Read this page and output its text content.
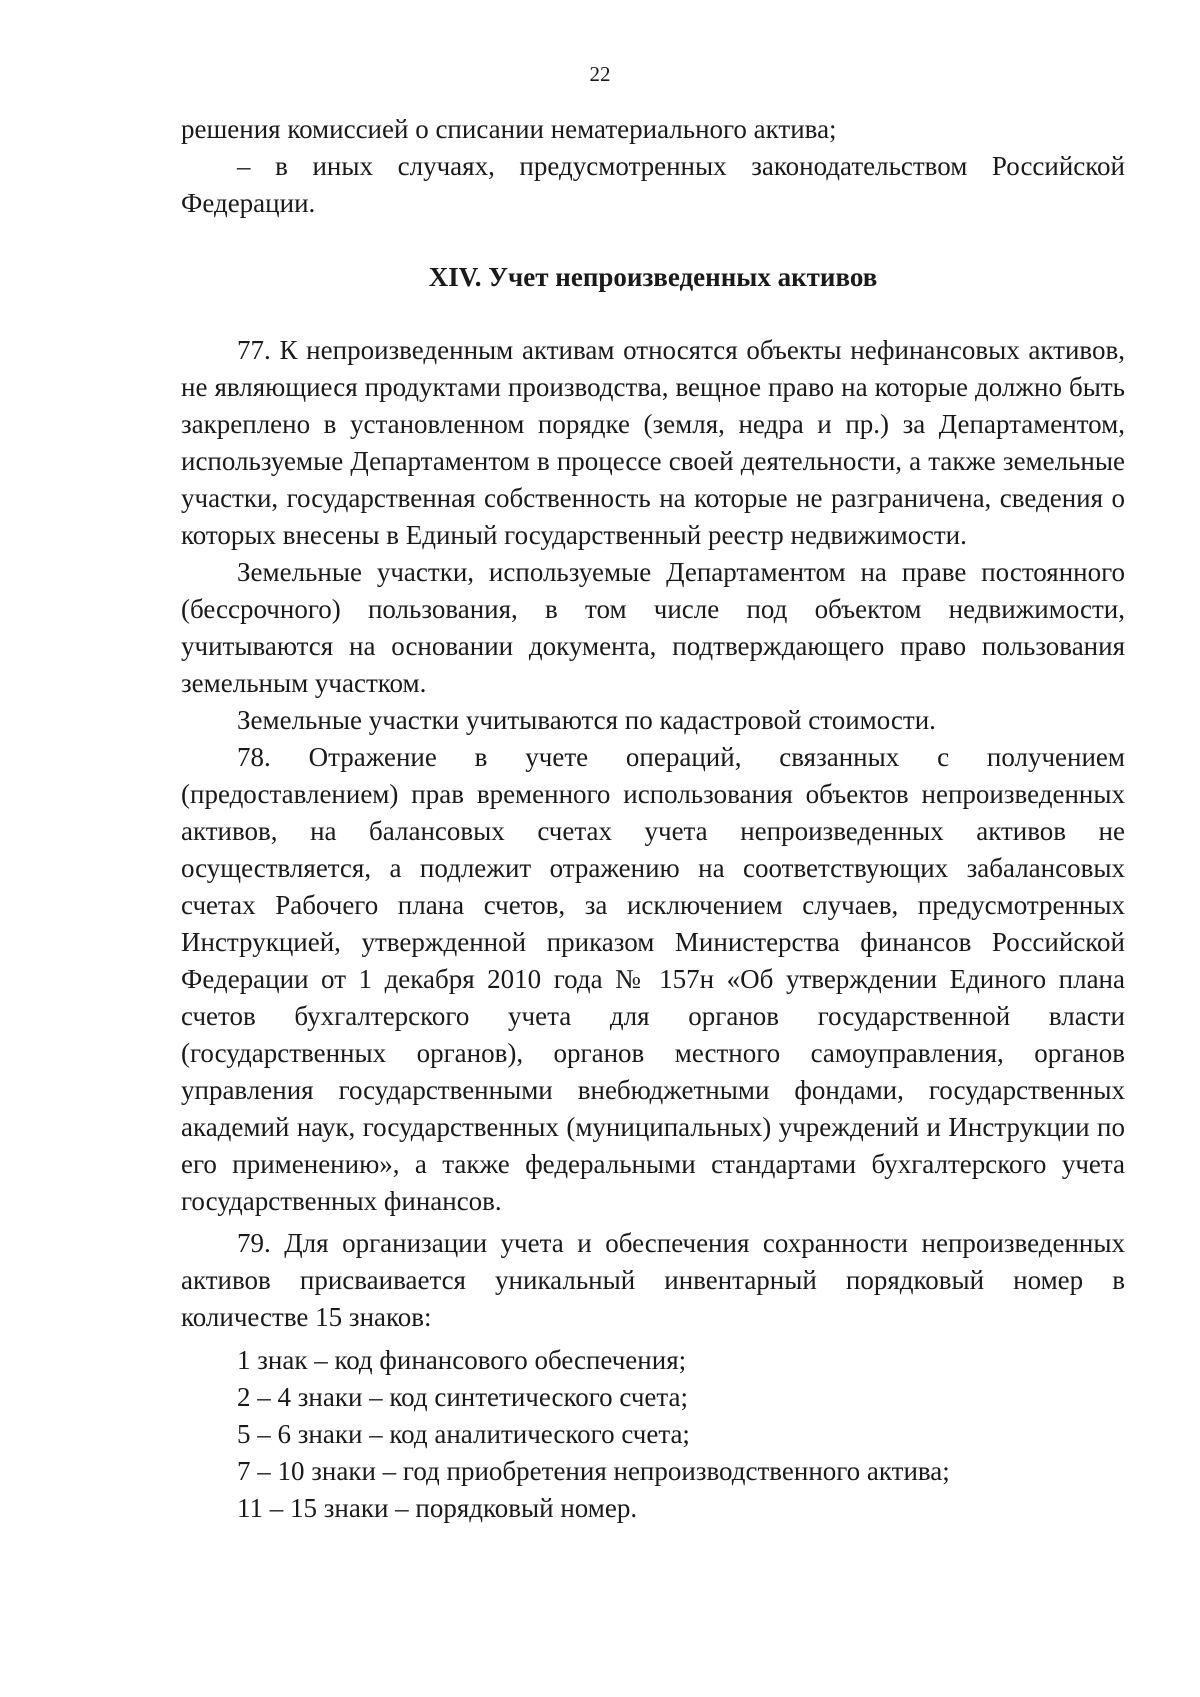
22

решения комиссией о списании нематериального актива;

– в иных случаях, предусмотренных законодательством Российской Федерации.

XIV. Учет непроизведенных активов

77. К непроизведенным активам относятся объекты нефинансовых активов, не являющиеся продуктами производства, вещное право на которые должно быть закреплено в установленном порядке (земля, недра и пр.) за Департаментом, используемые Департаментом в процессе своей деятельности, а также земельные участки, государственная собственность на которые не разграничена, сведения о которых внесены в Единый государственный реестр недвижимости.

Земельные участки, используемые Департаментом на праве постоянного (бессрочного) пользования, в том числе под объектом недвижимости, учитываются на основании документа, подтверждающего право пользования земельным участком.

Земельные участки учитываются по кадастровой стоимости.

78. Отражение в учете операций, связанных с получением (предоставлением) прав временного использования объектов непроизведенных активов, на балансовых счетах учета непроизведенных активов не осуществляется, а подлежит отражению на соответствующих забалансовых счетах Рабочего плана счетов, за исключением случаев, предусмотренных Инструкцией, утвержденной приказом Министерства финансов Российской Федерации от 1 декабря 2010 года № 157н «Об утверждении Единого плана счетов бухгалтерского учета для органов государственной власти (государственных органов), органов местного самоуправления, органов управления государственными внебюджетными фондами, государственных академий наук, государственных (муниципальных) учреждений и Инструкции по его применению», а также федеральными стандартами бухгалтерского учета государственных финансов.

79. Для организации учета и обеспечения сохранности непроизведенных активов присваивается уникальный инвентарный порядковый номер в количестве 15 знаков:

1 знак – код финансового обеспечения;

2 – 4 знаки – код синтетического счета;

5 – 6 знаки – код аналитического счета;

7 – 10 знаки – год приобретения непроизводственного актива;

11 – 15 знаки – порядковый номер.
